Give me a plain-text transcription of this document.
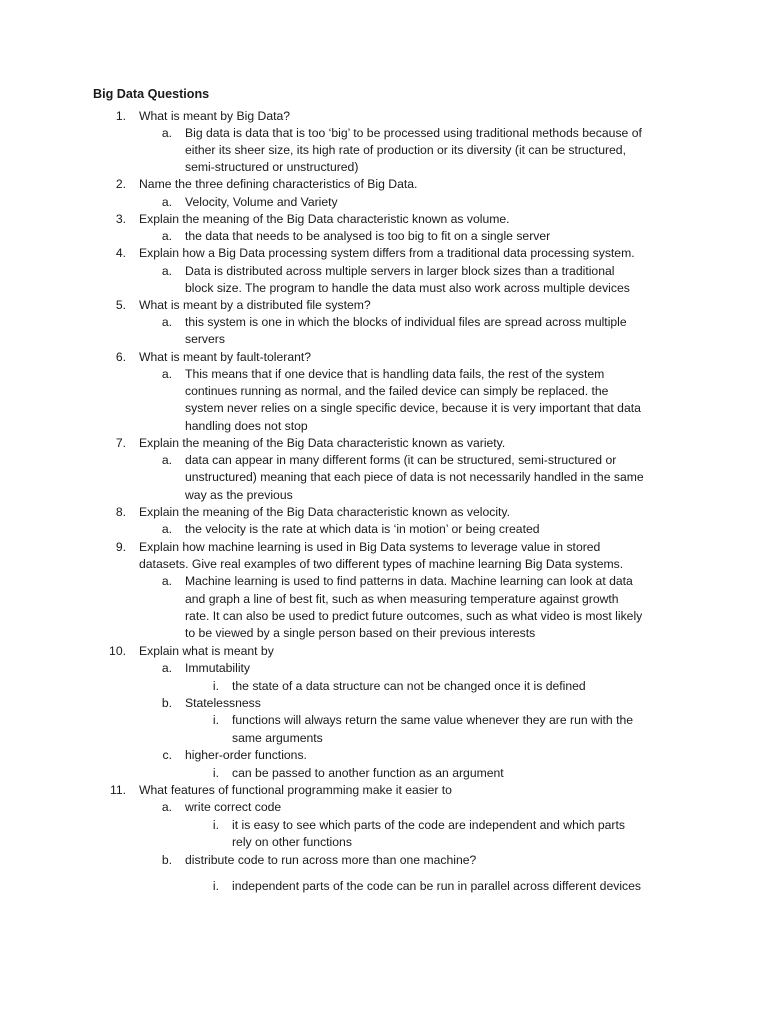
Big Data Questions
1. What is meant by Big Data?
a. Big data is data that is too ‘big’ to be processed using traditional methods because of
either its sheer size, its high rate of production or its diversity (it can be structured,
semi-structured or unstructured)
2. Name the three defining characteristics of Big Data.
a. Velocity, Volume and Variety
3. Explain the meaning of the Big Data characteristic known as volume.
a. the data that needs to be analysed is too big to fit on a single server
4. Explain how a Big Data processing system differs from a traditional data processing system.
a. Data is distributed across multiple servers in larger block sizes than a traditional
block size. The program to handle the data must also work across multiple devices
5. What is meant by a distributed file system?
a. this system is one in which the blocks of individual files are spread across multiple
servers
6. What is meant by fault-tolerant?
a. This means that if one device that is handling data fails, the rest of the system
continues running as normal, and the failed device can simply be replaced. the
system never relies on a single specific device, because it is very important that data
handling does not stop
7. Explain the meaning of the Big Data characteristic known as variety.
a. data can appear in many different forms (it can be structured, semi-structured or
unstructured) meaning that each piece of data is not necessarily handled in the same
way as the previous
8. Explain the meaning of the Big Data characteristic known as velocity.
a. the velocity is the rate at which data is ‘in motion’ or being created
9. Explain how machine learning is used in Big Data systems to leverage value in stored
datasets. Give real examples of two different types of machine learning Big Data systems.
a. Machine learning is used to find patterns in data. Machine learning can look at data
and graph a line of best fit, such as when measuring temperature against growth
rate. It can also be used to predict future outcomes, such as what video is most likely
to be viewed by a single person based on their previous interests
10. Explain what is meant by
a. Immutability
i. the state of a data structure can not be changed once it is defined
b. Statelessness
i. functions will always return the same value whenever they are run with the
same arguments
c. higher-order functions.
i. can be passed to another function as an argument
11. What features of functional programming make it easier to
a. write correct code
i. it is easy to see which parts of the code are independent and which parts
rely on other functions
b. distribute code to run across more than one machine?
i. independent parts of the code can be run in parallel across different devices
